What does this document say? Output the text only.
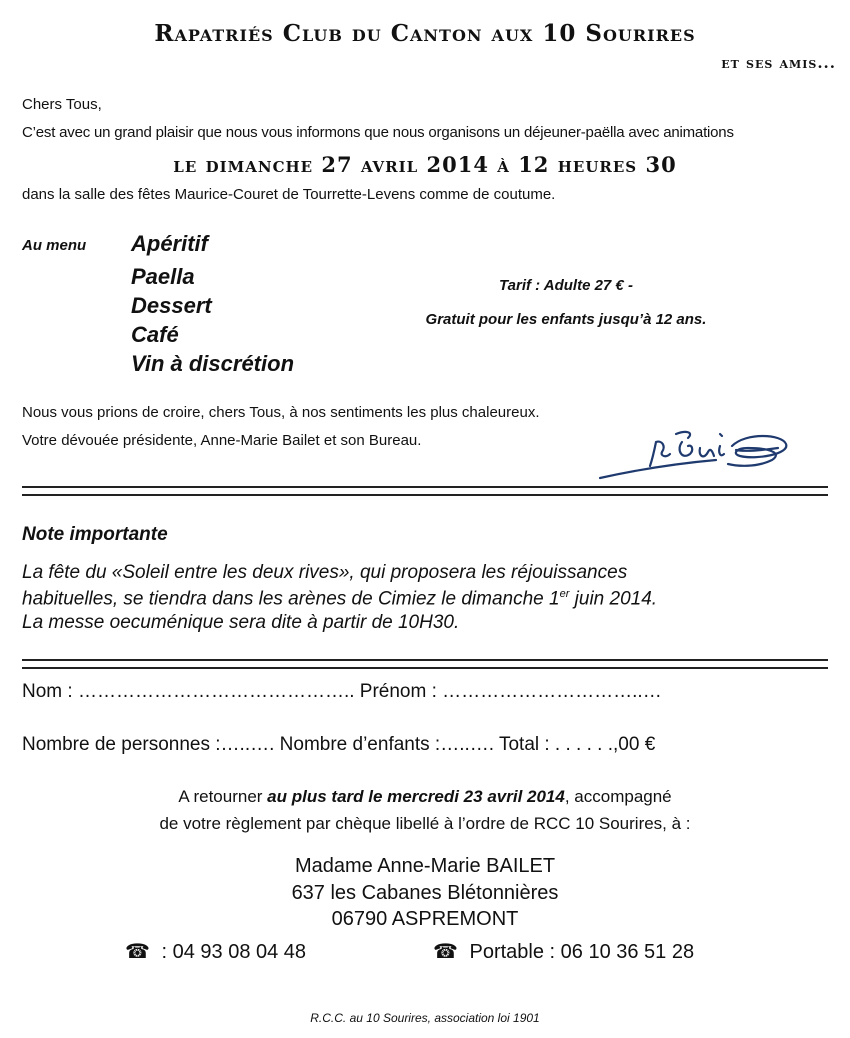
Rapatriés Club du Canton aux 10 Sourires
et ses amis...
Chers Tous,
C’est avec un grand plaisir que nous vous informons que nous organisons un déjeuner-paëlla avec animations
le dimanche 27 avril 2014 à 12 heures 30
dans la salle des fêtes Maurice-Couret de Tourrette-Levens comme de coutume.
Au menu Apéritif
Paella
Dessert
Café
Vin à discrétion
Tarif : Adulte 27 € -
Gratuit pour les enfants jusqu’à 12 ans.
Nous vous prions de croire, chers Tous, à nos sentiments les plus chaleureux.
Votre dévouée présidente, Anne-Marie Bailet et son Bureau.
Note importante
La fête du «Soleil entre les deux rives», qui proposera les réjouissances
habituelles, se tiendra dans les arènes de Cimiez le dimanche 1er juin 2014.
La messe oecuménique sera dite à partir de 10H30.
Nom : …………………………………….. Prénom : …………………………..…
Nombre de personnes :…..…. Nombre d’enfants :…..…. Total : . . . . . .,00 €
A retourner au plus tard le mercredi 23 avril 2014, accompagné
de votre règlement par chèque libellé à l’ordre de RCC 10 Sourires, à :
Madame Anne-Marie BAILET
637 les Cabanes Blétonnières
06790 ASPREMONT
☎ : 04 93 08 04 48	☎ Portable : 06 10 36 51 28
R.C.C. au 10 Sourires, association loi 1901
